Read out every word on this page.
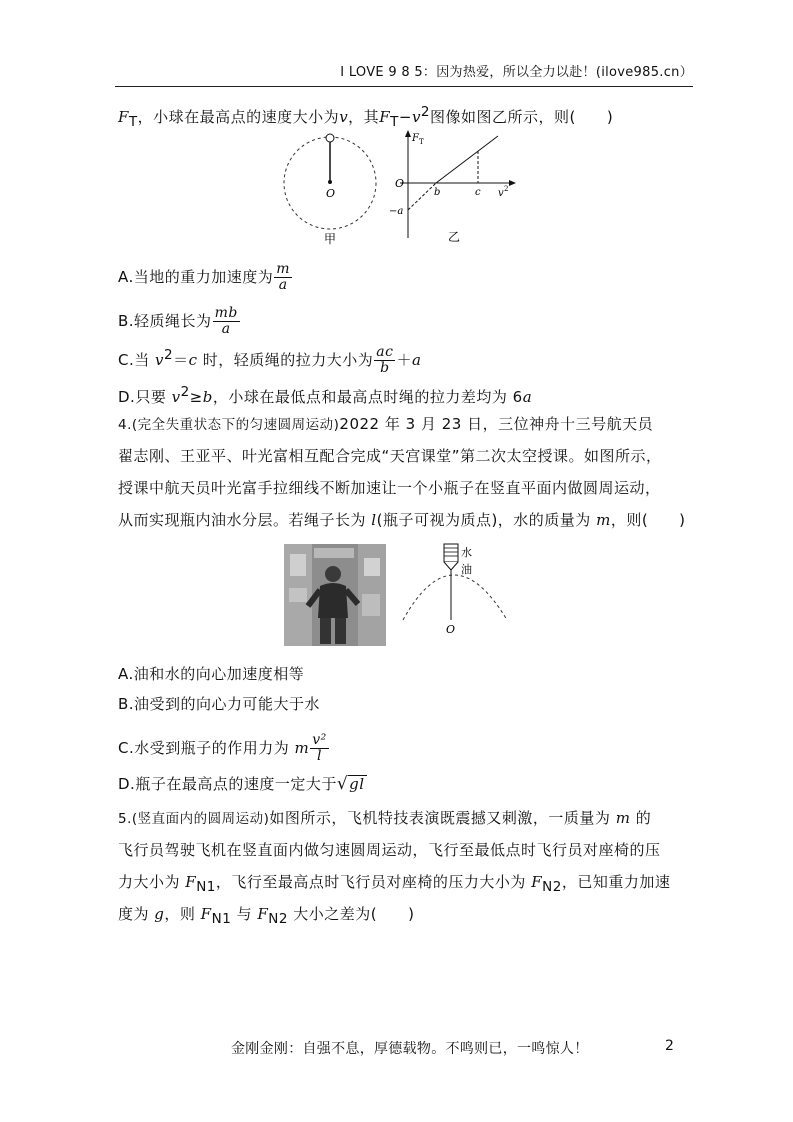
I LOVE 9 8 5：因为热爱，所以全力以赴！(ilove985.cn）
$F_T$，小球在最高点的速度大小为v，其$F_T-v^2$图像如图乙所示，则(　　)
O
甲
F T
O
b	c v 2
−a
乙
A.当地的重力加速度为 $\frac{m}{a}$
B.轻质绳长为 $\frac{mb}{a}$
C.当 $v^2=c$ 时，轻质绳的拉力大小为 $\frac{ac}{b} +a$
D.只要 $v^2\ge b$，小球在最低点和最高点时绳的拉力差均为 6a
4.(完全失重状态下的匀速圆周运动)2022 年 3 月 23 日，三位神舟十三号航天员
翟志刚、王亚平、叶光富相互配合完成“天宫课堂”第二次太空授课。如图所示，
授课中航天员叶光富手拉细线不断加速让一个小瓶子在竖直平面内做圆周运动，
从而实现瓶内油水分层。若绳子长为 l(瓶子可视为质点)，水的质量为 m，则(　　)
水
油
O
A.油和水的向心加速度相等
B.油受到的向心力可能大于水
C.水受到瓶子的作用力为 m $\frac{\text{v²}}{l}$
D.瓶子在最高点的速度一定大于√gl
5.(竖直面内的圆周运动)如图所示，飞机特技表演既震撼又刺激，一质量为 m 的
飞行员驾驶飞机在竖直面内做匀速圆周运动，飞行至最低点时飞行员对座椅的压
力大小为 $F_{N1}$，飞行至最高点时飞行员对座椅的压力大小为 $F_{N2}$，已知重力加速
度为 g，则 $F_{N1}$ 与 $F_{N2}$ 大小之差为(　　)
金刚金刚：自强不息，厚德载物。不鸣则已，一鸣惊人！	2
